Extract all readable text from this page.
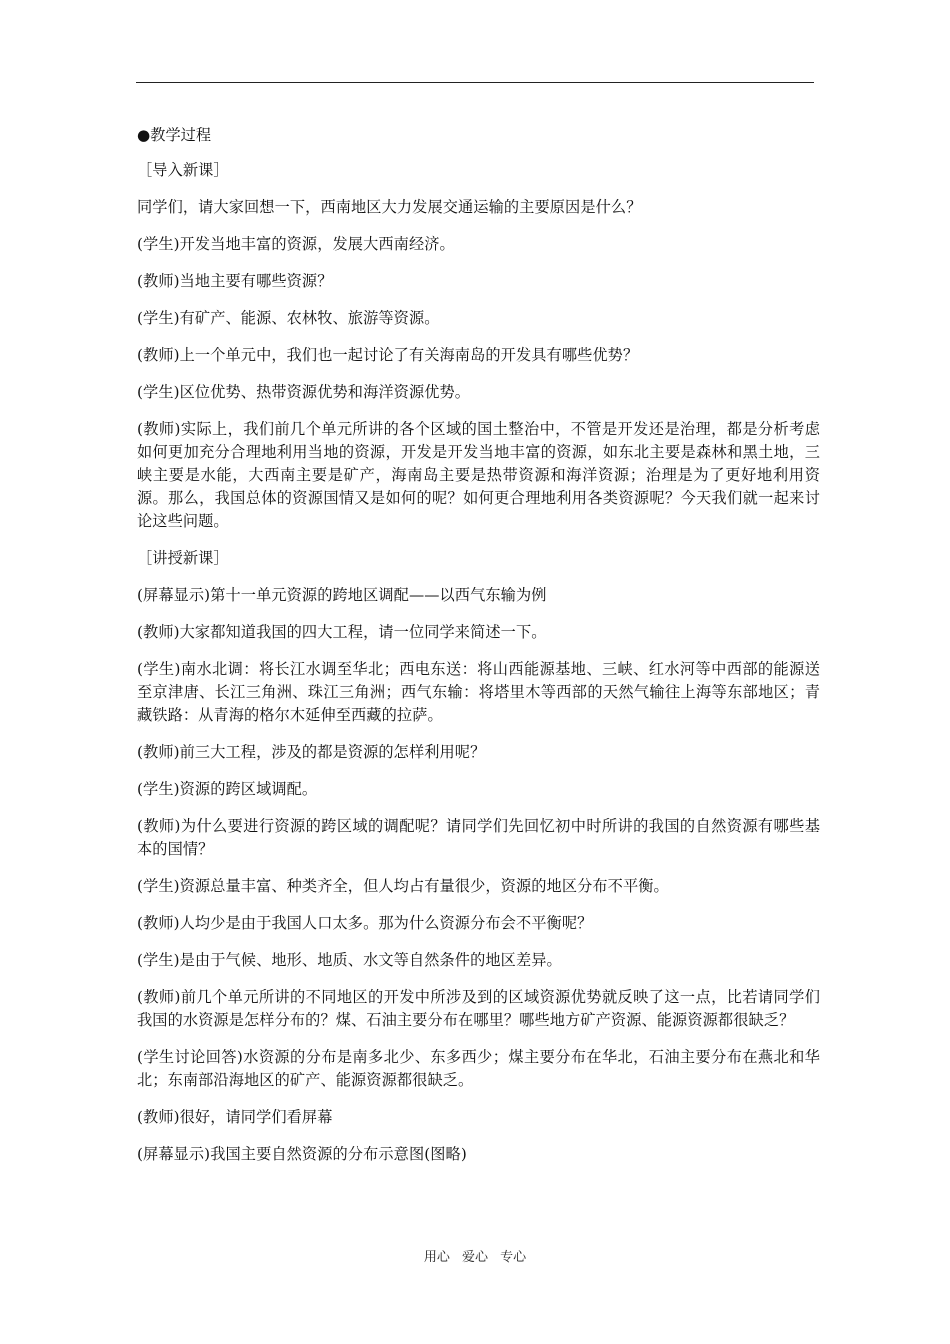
●教学过程

［导入新课］

同学们，请大家回想一下，西南地区大力发展交通运输的主要原因是什么？

(学生)开发当地丰富的资源，发展大西南经济。

(教师)当地主要有哪些资源？

(学生)有矿产、能源、农林牧、旅游等资源。

(教师)上一个单元中，我们也一起讨论了有关海南岛的开发具有哪些优势？

(学生)区位优势、热带资源优势和海洋资源优势。

(教师)实际上，我们前几个单元所讲的各个区域的国土整治中，不管是开发还是治理，都是分析考虑如何更加充分合理地利用当地的资源，开发是开发当地丰富的资源，如东北主要是森林和黑土地，三峡主要是水能，大西南主要是矿产，海南岛主要是热带资源和海洋资源；治理是为了更好地利用资源。那么，我国总体的资源国情又是如何的呢？如何更合理地利用各类资源呢？今天我们就一起来讨论这些问题。

［讲授新课］

(屏幕显示)第十一单元资源的跨地区调配——以西气东输为例

(教师)大家都知道我国的四大工程，请一位同学来简述一下。

(学生)南水北调：将长江水调至华北；西电东送：将山西能源基地、三峡、红水河等中西部的能源送至京津唐、长江三角洲、珠江三角洲；西气东输：将塔里木等西部的天然气输往上海等东部地区；青藏铁路：从青海的格尔木延伸至西藏的拉萨。

(教师)前三大工程，涉及的都是资源的怎样利用呢？

(学生)资源的跨区域调配。

(教师)为什么要进行资源的跨区域的调配呢？请同学们先回忆初中时所讲的我国的自然资源有哪些基本的国情？

(学生)资源总量丰富、种类齐全，但人均占有量很少，资源的地区分布不平衡。

(教师)人均少是由于我国人口太多。那为什么资源分布会不平衡呢？

(学生)是由于气候、地形、地质、水文等自然条件的地区差异。

(教师)前几个单元所讲的不同地区的开发中所涉及到的区域资源优势就反映了这一点，比若请同学们我国的水资源是怎样分布的？煤、石油主要分布在哪里？哪些地方矿产资源、能源资源都很缺乏？

(学生讨论回答)水资源的分布是南多北少、东多西少；煤主要分布在华北，石油主要分布在燕北和华北；东南部沿海地区的矿产、能源资源都很缺乏。

(教师)很好，请同学们看屏幕

(屏幕显示)我国主要自然资源的分布示意图(图略)

用心 爱心 专心
